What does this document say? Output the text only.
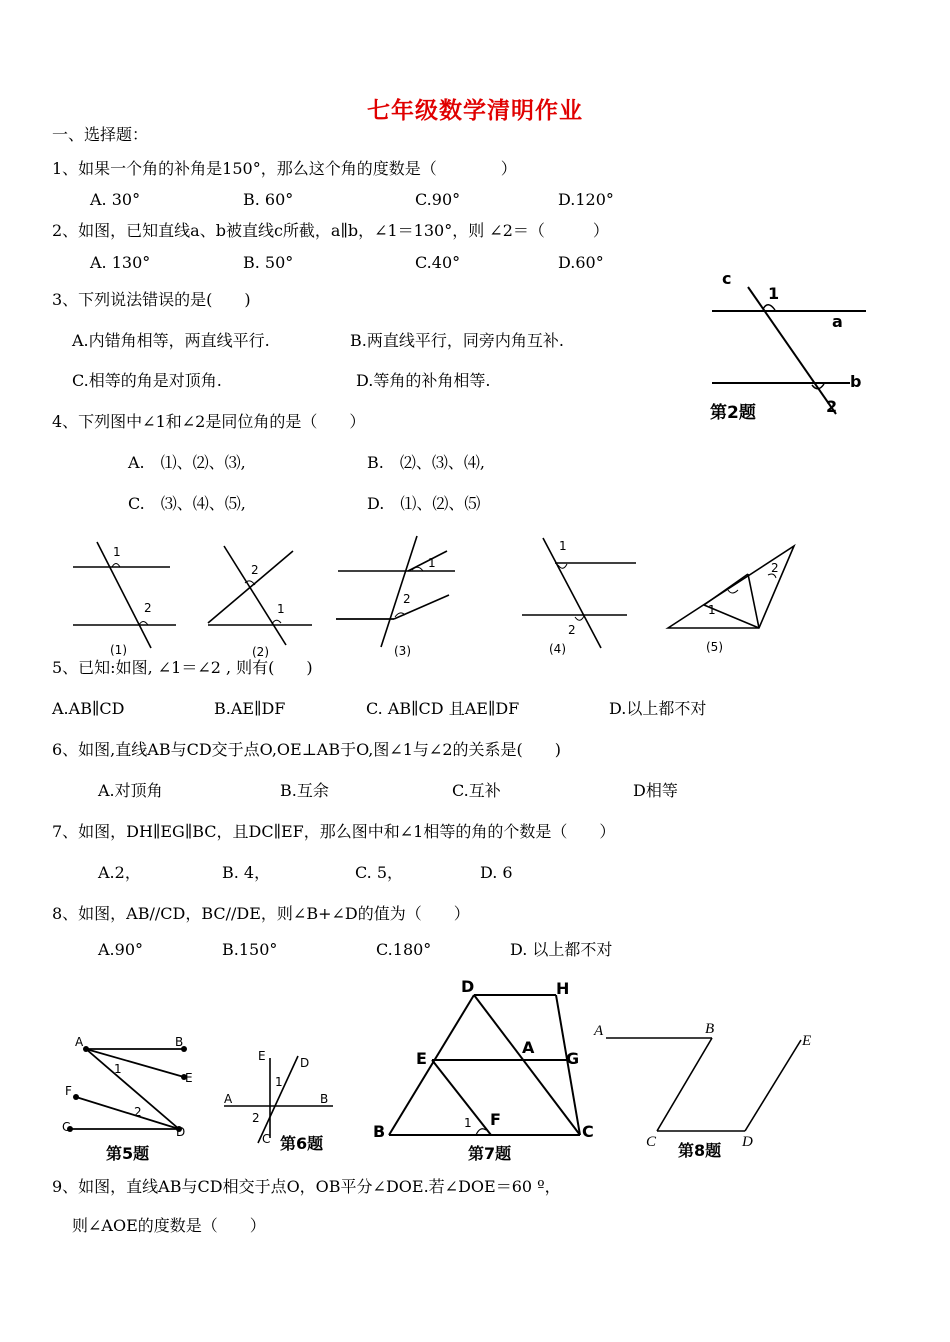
七年级数学清明作业
一、选择题：
1、如果一个角的补角是150°，那么这个角的度数是（　　　　）
A. 30°	B. 60°	C.90°	D.120°
2、如图，已知直线a、b被直线c所截，a∥b，∠1＝130°，则 ∠2＝（　　　）
A. 130°	B. 50°	C.40°	D.60°
3、下列说法错误的是(　　)
A.内错角相等，两直线平行.	B.两直线平行，同旁内角互补.
C.相等的角是对顶角.	D.等角的补角相等.
4、下列图中∠1和∠2是同位角的是（　　）
A.　⑴、⑵、⑶,	B.　⑵、⑶、⑷,
C.　⑶、⑷、⑸,	D.　⑴、⑵、⑸
5、已知:如图, ∠1＝∠2 , 则有(　　)
A.AB∥CD	B.AE∥DF	C. AB∥CD 且AE∥DF	D.以上都不对
6、如图,直线AB与CD交于点O,OE⊥AB于O,图∠1与∠2的关系是(　　)
A.对顶角	B.互余	C.互补	D相等
7、如图，DH∥EG∥BC，且DC∥EF，那么图中和∠1相等的角的个数是（　　）
A.2，	B. 4，	C. 5，	D. 6
8、如图，AB//CD，BC//DE，则∠B+∠D的值为（　　）
A.90°	B.150°	C.180°	D. 以上都不对
9、如图，直线AB与CD相交于点O，OB平分∠DOE.若∠DOE＝60 º，
则∠AOE的度数是（　　）
c
1
a
b
2
第2题
1
2
(1)
2
1
(2)
1
2
(3)
1
2
(4)
2
1
(5)
A	B
E
F
C	D
1
2
第5题
E	D
A	B
1
2
C 第6题
D	H
E
A
G
B	C
F
1
第7题
A	B
C	D
E
第8题
